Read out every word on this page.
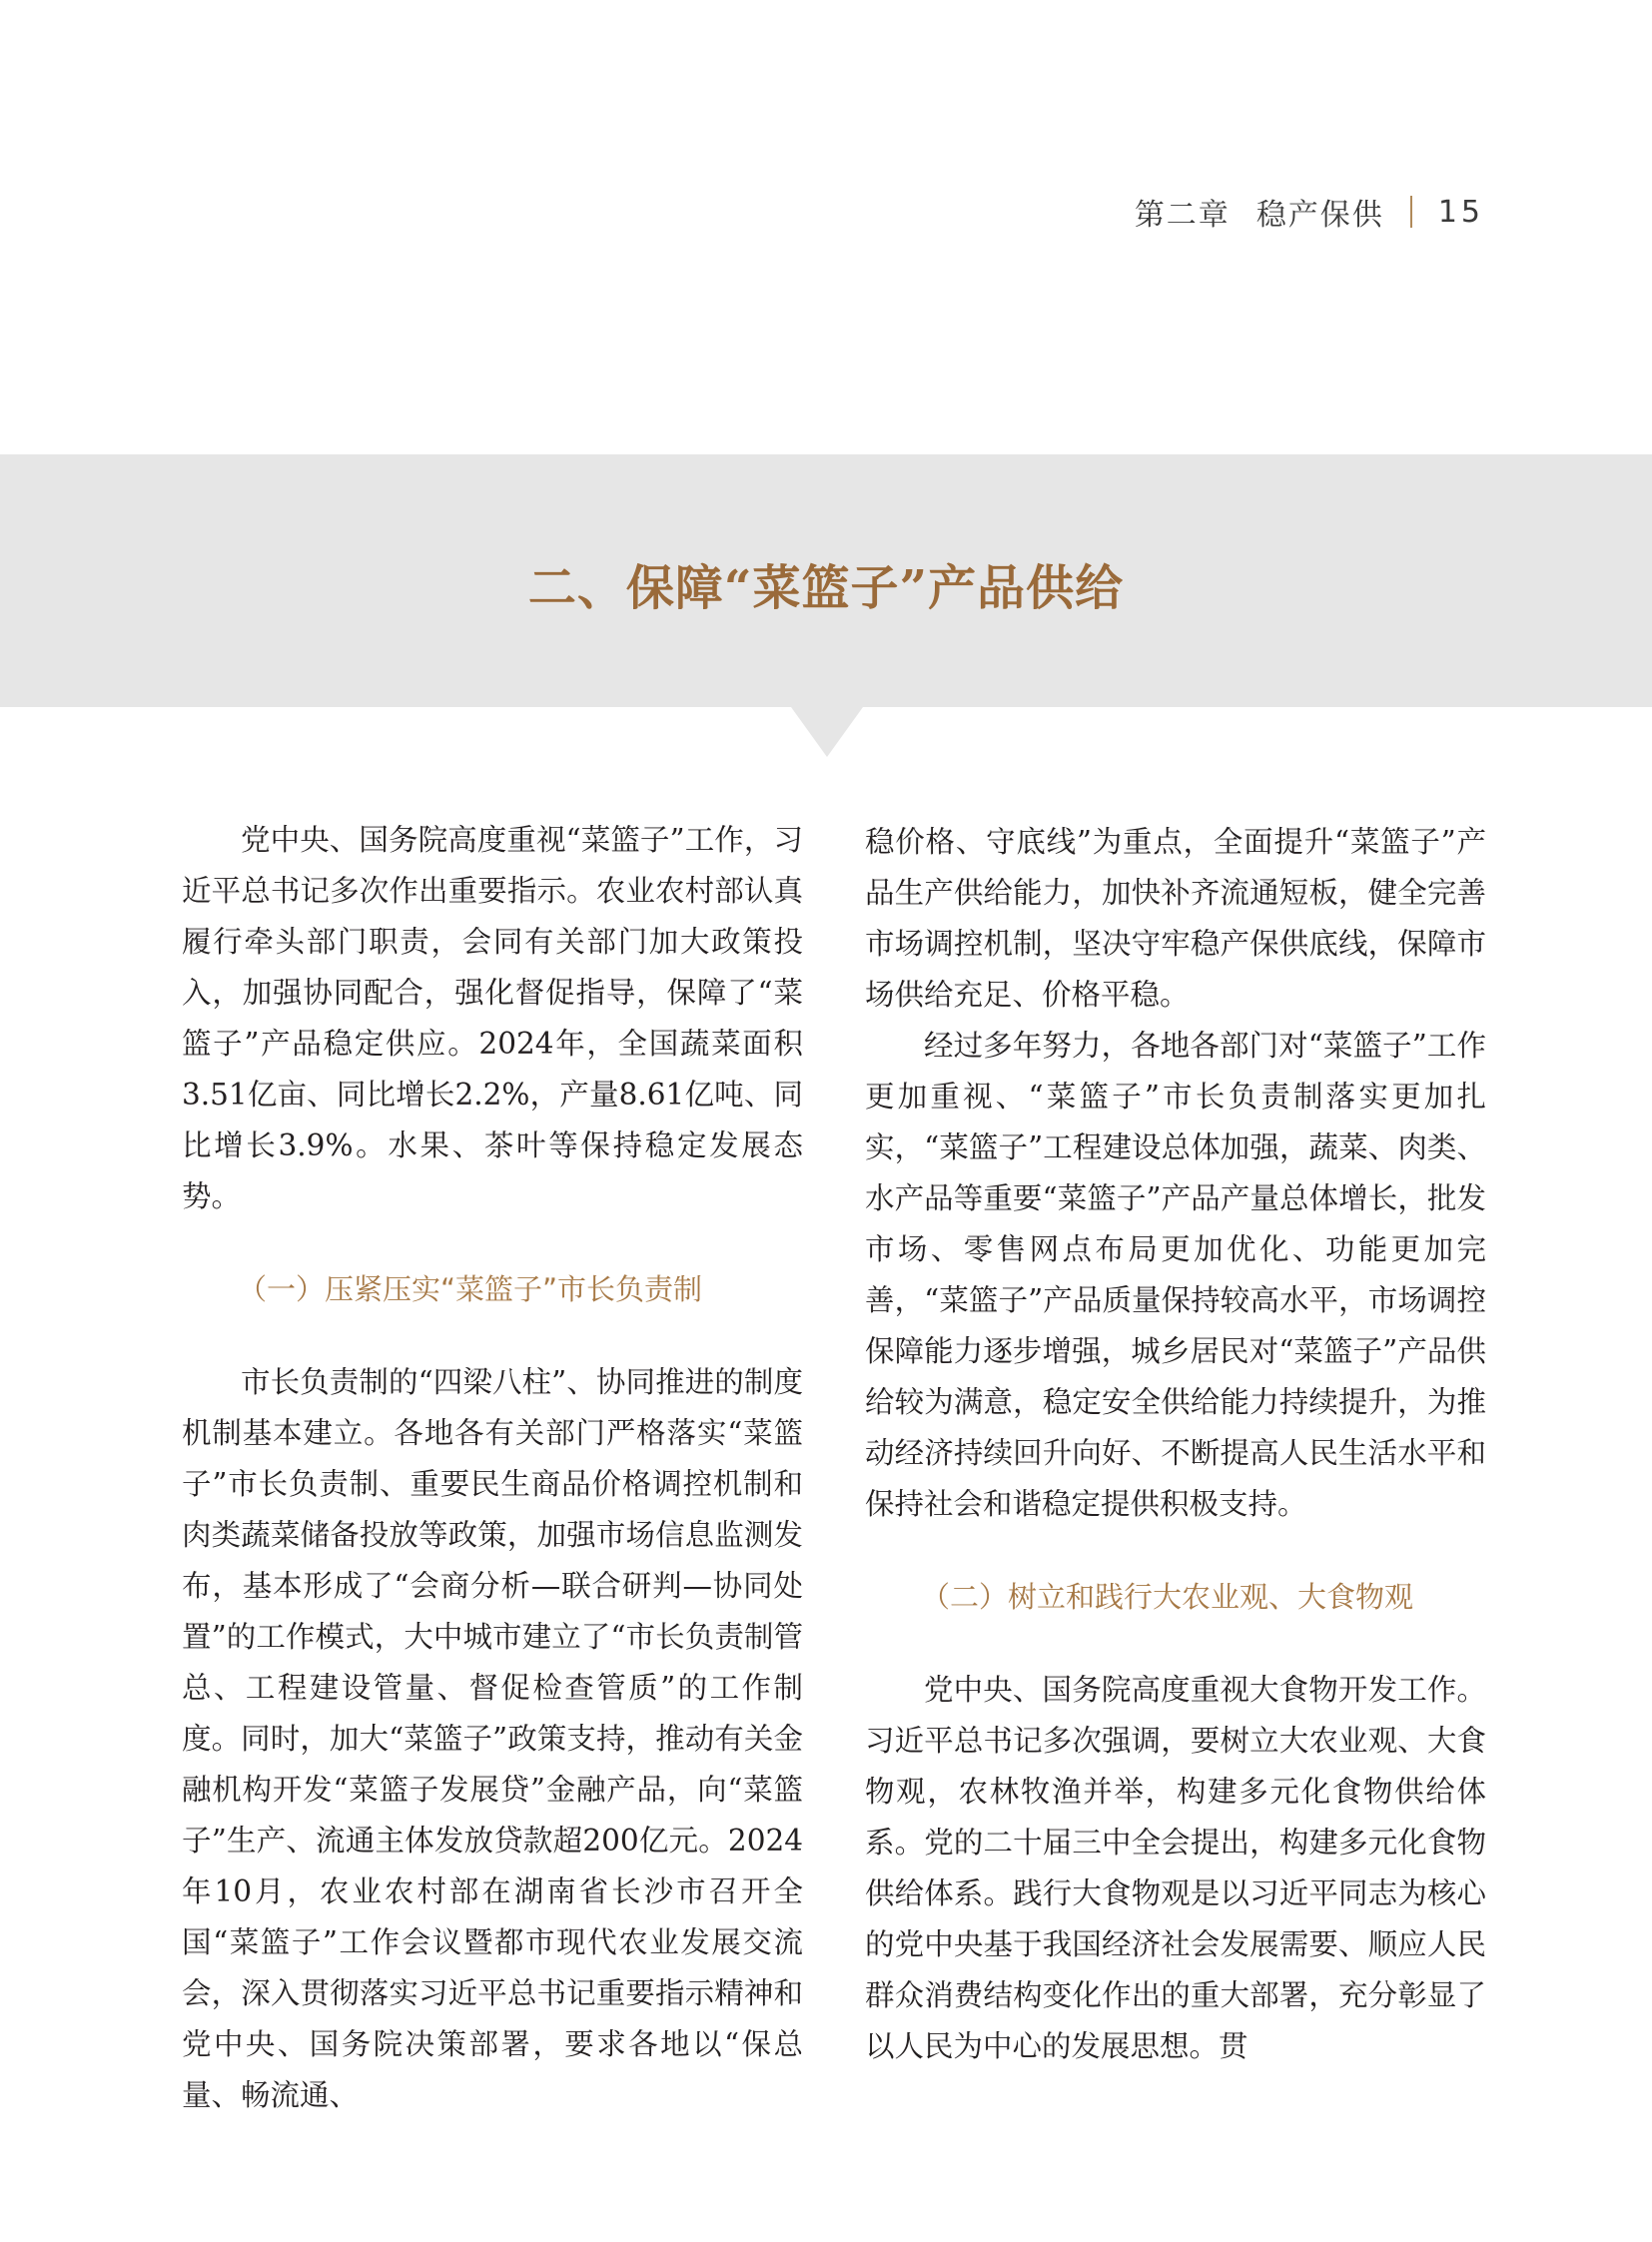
第二章 稳产保供 15
二、保障“菜篮子”产品供给

党中央、国务院高度重视“菜篮子”工作，习近平总书记多次作出重要指示。农业农村部认真履行牵头部门职责，会同有关部门加大政策投入，加强协同配合，强化督促指导，保障了“菜篮子”产品稳定供应。2024年，全国蔬菜面积3.51亿亩、同比增长2.2%，产量8.61亿吨、同比增长3.9%。水果、茶叶等保持稳定发展态势。

（一）压紧压实“菜篮子”市长负责制

市长负责制的“四梁八柱”、协同推进的制度机制基本建立。各地各有关部门严格落实“菜篮子”市长负责制、重要民生商品价格调控机制和肉类蔬菜储备投放等政策，加强市场信息监测发布，基本形成了“会商分析—联合研判—协同处置”的工作模式，大中城市建立了“市长负责制管总、工程建设管量、督促检查管质”的工作制度。同时，加大“菜篮子”政策支持，推动有关金融机构开发“菜篮子发展贷”金融产品，向“菜篮子”生产、流通主体发放贷款超200亿元。2024年10月，农业农村部在湖南省长沙市召开全国“菜篮子”工作会议暨都市现代农业发展交流会，深入贯彻落实习近平总书记重要指示精神和党中央、国务院决策部署，要求各地以“保总量、畅流通、

稳价格、守底线”为重点，全面提升“菜篮子”产品生产供给能力，加快补齐流通短板，健全完善市场调控机制，坚决守牢稳产保供底线，保障市场供给充足、价格平稳。

经过多年努力，各地各部门对“菜篮子”工作更加重视、“菜篮子”市长负责制落实更加扎实，“菜篮子”工程建设总体加强，蔬菜、肉类、水产品等重要“菜篮子”产品产量总体增长，批发市场、零售网点布局更加优化、功能更加完善，“菜篮子”产品质量保持较高水平，市场调控保障能力逐步增强，城乡居民对“菜篮子”产品供给较为满意，稳定安全供给能力持续提升，为推动经济持续回升向好、不断提高人民生活水平和保持社会和谐稳定提供积极支持。

（二）树立和践行大农业观、大食物观

党中央、国务院高度重视大食物开发工作。习近平总书记多次强调，要树立大农业观、大食物观，农林牧渔并举，构建多元化食物供给体系。党的二十届三中全会提出，构建多元化食物供给体系。践行大食物观是以习近平同志为核心的党中央基于我国经济社会发展需要、顺应人民群众消费结构变化作出的重大部署，充分彰显了以人民为中心的发展思想。贯
